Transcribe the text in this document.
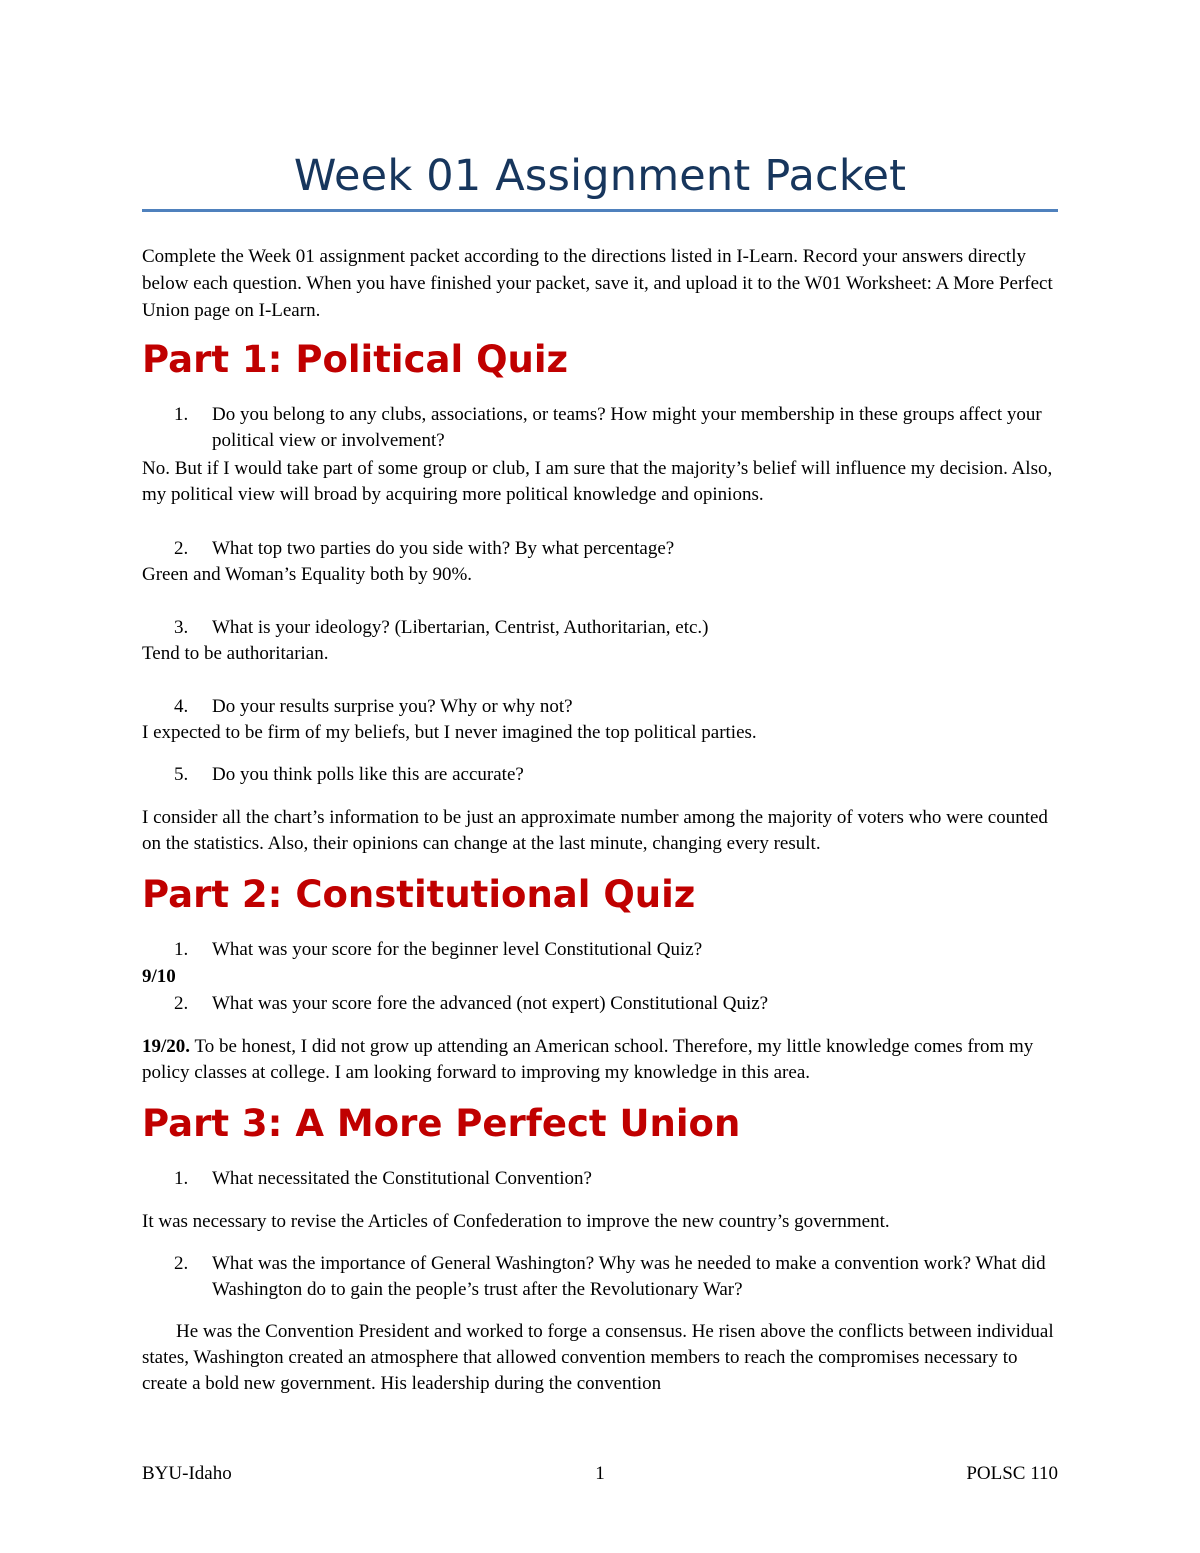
Week 01 Assignment Packet

Complete the Week 01 assignment packet according to the directions listed in I-Learn. Record your answers directly below each question. When you have finished your packet, save it, and upload it to the W01 Worksheet: A More Perfect Union page on I-Learn.

Part 1: Political Quiz
1. Do you belong to any clubs, associations, or teams? How might your membership in these groups affect your political view or involvement?

No. But if I would take part of some group or club, I am sure that the majority’s belief will influence my decision. Also, my political view will broad by acquiring more political knowledge and opinions.

2. What top two parties do you side with? By what percentage?

Green and Woman’s Equality both by 90%.

3. What is your ideology? (Libertarian, Centrist, Authoritarian, etc.)

Tend to be authoritarian.

4. Do your results surprise you? Why or why not?

I expected to be firm of my beliefs, but I never imagined the top political parties.

5. Do you think polls like this are accurate?

I consider all the chart’s information to be just an approximate number among the majority of voters who were counted on the statistics. Also, their opinions can change at the last minute, changing every result.

Part 2: Constitutional Quiz
1. What was your score for the beginner level Constitutional Quiz?

9/10

2. What was your score fore the advanced (not expert) Constitutional Quiz?

19/20. To be honest, I did not grow up attending an American school. Therefore, my little knowledge comes from my policy classes at college. I am looking forward to improving my knowledge in this area.

Part 3: A More Perfect Union
1. What necessitated the Constitutional Convention?

It was necessary to revise the Articles of Confederation to improve the new country’s government.

2. What was the importance of General Washington? Why was he needed to make a convention work? What did Washington do to gain the people’s trust after the Revolutionary War?

He was the Convention President and worked to forge a consensus. He risen above the conflicts between individual states, Washington created an atmosphere that allowed convention members to reach the compromises necessary to create a bold new government. His leadership during the convention

BYU-Idaho	1	POLSC 110
